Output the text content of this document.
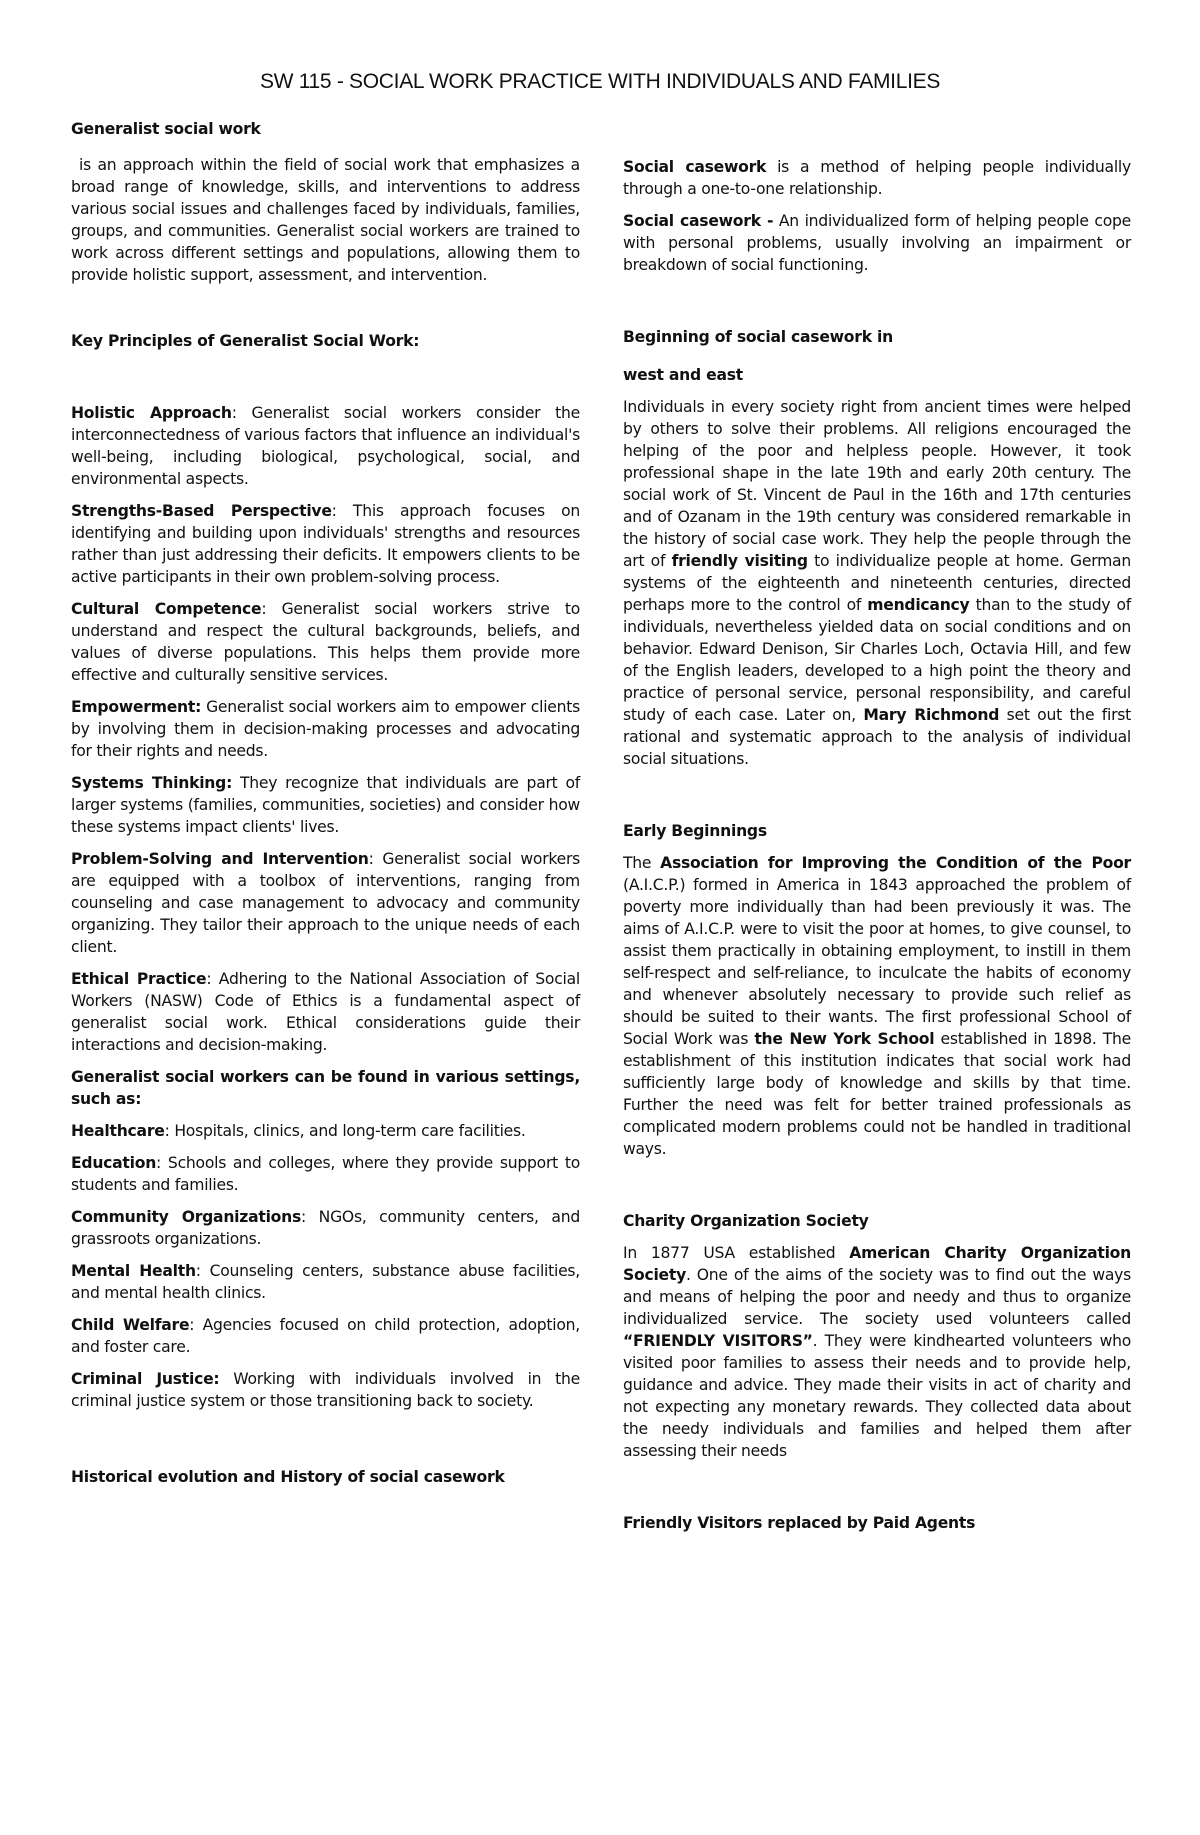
SW 115 - SOCIAL WORK PRACTICE WITH INDIVIDUALS AND FAMILIES

Generalist social work

is an approach within the field of social work that emphasizes a broad range of knowledge, skills, and interventions to address various social issues and challenges faced by individuals, families, groups, and communities. Generalist social workers are trained to work across different settings and populations, allowing them to provide holistic support, assessment, and intervention.

Key Principles of Generalist Social Work:

Holistic Approach: Generalist social workers consider the interconnectedness of various factors that influence an individual's well-being, including biological, psychological, social, and environmental aspects.

Strengths-Based Perspective: This approach focuses on identifying and building upon individuals' strengths and resources rather than just addressing their deficits. It empowers clients to be active participants in their own problem-solving process.

Cultural Competence: Generalist social workers strive to understand and respect the cultural backgrounds, beliefs, and values of diverse populations. This helps them provide more effective and culturally sensitive services.

Empowerment: Generalist social workers aim to empower clients by involving them in decision-making processes and advocating for their rights and needs.

Systems Thinking: They recognize that individuals are part of larger systems (families, communities, societies) and consider how these systems impact clients' lives.

Problem-Solving and Intervention: Generalist social workers are equipped with a toolbox of interventions, ranging from counseling and case management to advocacy and community organizing. They tailor their approach to the unique needs of each client.

Ethical Practice: Adhering to the National Association of Social Workers (NASW) Code of Ethics is a fundamental aspect of generalist social work. Ethical considerations guide their interactions and decision-making.

Generalist social workers can be found in various settings, such as:

Healthcare: Hospitals, clinics, and long-term care facilities.

Education: Schools and colleges, where they provide support to students and families.

Community Organizations: NGOs, community centers, and grassroots organizations.

Mental Health: Counseling centers, substance abuse facilities, and mental health clinics.

Child Welfare: Agencies focused on child protection, adoption, and foster care.

Criminal Justice: Working with individuals involved in the criminal justice system or those transitioning back to society.

Historical evolution and History of social casework

Social casework is a method of helping people individually through a one-to-one relationship.

Social casework - An individualized form of helping people cope with personal problems, usually involving an impairment or breakdown of social functioning.

Beginning of social casework in

west and east

Individuals in every society right from ancient times were helped by others to solve their problems. All religions encouraged the helping of the poor and helpless people. However, it took professional shape in the late 19th and early 20th century. The social work of St. Vincent de Paul in the 16th and 17th centuries and of Ozanam in the 19th century was considered remarkable in the history of social case work. They help the people through the art of friendly visiting to individualize people at home. German systems of the eighteenth and nineteenth centuries, directed perhaps more to the control of mendicancy than to the study of individuals, nevertheless yielded data on social conditions and on behavior. Edward Denison, Sir Charles Loch, Octavia Hill, and few of the English leaders, developed to a high point the theory and practice of personal service, personal responsibility, and careful study of each case. Later on, Mary Richmond set out the first rational and systematic approach to the analysis of individual social situations.

Early Beginnings

The Association for Improving the Condition of the Poor (A.I.C.P.) formed in America in 1843 approached the problem of poverty more individually than had been previously it was. The aims of A.I.C.P. were to visit the poor at homes, to give counsel, to assist them practically in obtaining employment, to instill in them self-respect and self-reliance, to inculcate the habits of economy and whenever absolutely necessary to provide such relief as should be suited to their wants. The first professional School of Social Work was the New York School established in 1898. The establishment of this institution indicates that social work had sufficiently large body of knowledge and skills by that time. Further the need was felt for better trained professionals as complicated modern problems could not be handled in traditional ways.

Charity Organization Society

In 1877 USA established American Charity Organization Society. One of the aims of the society was to find out the ways and means of helping the poor and needy and thus to organize individualized service. The society used volunteers called “FRIENDLY VISITORS”. They were kindhearted volunteers who visited poor families to assess their needs and to provide help, guidance and advice. They made their visits in act of charity and not expecting any monetary rewards. They collected data about the needy individuals and families and helped them after assessing their needs

Friendly Visitors replaced by Paid Agents
